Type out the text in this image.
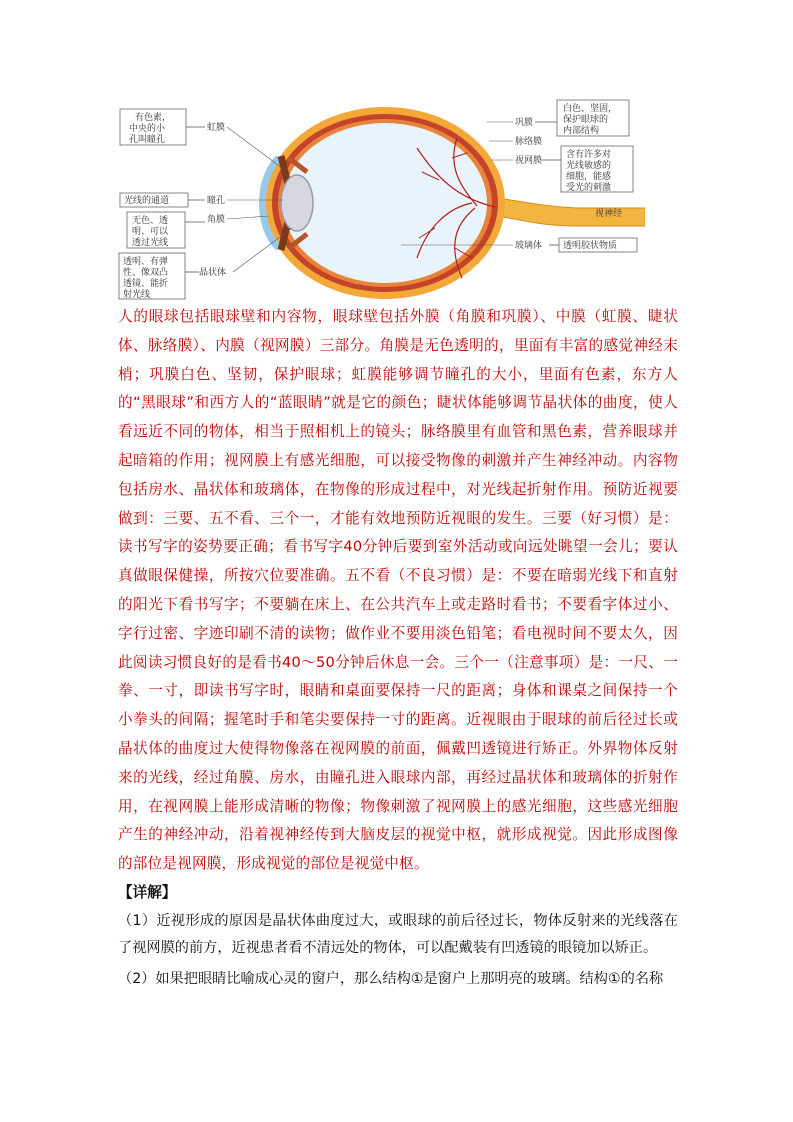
有色素，
中央的小
孔叫瞳孔
虹膜
光线的通道	瞳孔
角膜
无色、透
明、可以
透过光线
透明、有弹
性、像双凸
透镜、能折
射光线
晶状体
白色、坚固，
保护眼球的
内部结构
巩膜
脉络膜
视网膜
含有许多对
光线敏感的
细胞，能感
受光的刺激
视神经
玻璃体 透明胶状物质

人的眼球包括眼球壁和内容物，眼球壁包括外膜（角膜和巩膜）、中膜（虹膜、睫状体、脉络膜）、内膜（视网膜）三部分。角膜是无色透明的，里面有丰富的感觉神经末梢；巩膜白色、坚韧，保护眼球；虹膜能够调节瞳孔的大小，里面有色素，东方人的“黑眼球”和西方人的“蓝眼睛”就是它的颜色；睫状体能够调节晶状体的曲度，使人看远近不同的物体，相当于照相机上的镜头；脉络膜里有血管和黑色素，营养眼球并起暗箱的作用；视网膜上有感光细胞，可以接受物像的刺激并产生神经冲动。内容物包括房水、晶状体和玻璃体，在物像的形成过程中，对光线起折射作用。预防近视要做到：三要、五不看、三个一，才能有效地预防近视眼的发生。三要（好习惯）是：读书写字的姿势要正确；看书写字40分钟后要到室外活动或向远处眺望一会儿；要认真做眼保健操，所按穴位要准确。五不看（不良习惯）是：不要在暗弱光线下和直射的阳光下看书写字；不要躺在床上、在公共汽车上或走路时看书；不要看字体过小、字行过密、字迹印刷不清的读物；做作业不要用淡色铅笔；看电视时间不要太久，因此阅读习惯良好的是看书40～50分钟后休息一会。三个一（注意事项）是：一尺、一拳、一寸，即读书写字时，眼睛和桌面要保持一尺的距离；身体和课桌之间保持一个小拳头的间隔；握笔时手和笔尖要保持一寸的距离。近视眼由于眼球的前后径过长或晶状体的曲度过大使得物像落在视网膜的前面，佩戴凹透镜进行矫正。外界物体反射来的光线，经过角膜、房水，由瞳孔进入眼球内部，再经过晶状体和玻璃体的折射作用，在视网膜上能形成清晰的物像；物像刺激了视网膜上的感光细胞，这些感光细胞产生的神经冲动，沿着视神经传到大脑皮层的视觉中枢，就形成视觉。因此形成图像的部位是视网膜，形成视觉的部位是视觉中枢。

【详解】

（1）近视形成的原因是晶状体曲度过大，或眼球的前后径过长，物体反射来的光线落在了视网膜的前方，近视患者看不清远处的物体，可以配戴装有凹透镜的眼镜加以矫正。

（2）如果把眼睛比喻成心灵的窗户，那么结构①是窗户上那明亮的玻璃。结构①的名称
